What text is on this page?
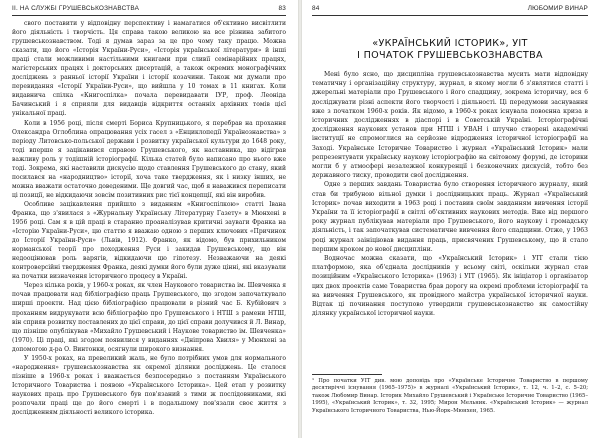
II. НА СЛУЖБІ ГРУШЕВСЬКОЗНАВСТВА	83

свого поставити у відповідну перспективу і намагатися об'єктивно висвітлити його діяльність і творчість. Ця справа такою великою на все різнина забитого грушевськознавством. Тоді я думав зараз за це про чому таку працю. Можна сказати, що його «Історія України-Руси», «Історія української літератури» й інші праці стали можливими настільними книгами при сливії семінарійних працях, магістерських працях і докторських дисертацій, а також окремих монографічних досліджень з ранньої історії України і історії козачини. Також ми думали про перевидання «Історії України-Руси», що вийшла у 10 томах в 11 книгах. Коли видавнича спілка «Книгоспілка» почала перевидавати ІУР, проф. Леоніда Бачинський і я сприяли для видавців відкриття останніх архівних томів цієї унікальної праці.

Коли в 1956 році, після смерті Бориса Крупницького, я перебрав на прохання Олександра Оглоблина опрацювання усіх гасел з «Енциклопедії Українознавства» з періоду Литовсько-польської держави і розвитку української культури до 1648 року, тоді вперше я зацікавився справою Грушевського, як наставника, що відіграв важливу роль у тодішній історіографії. Кілька статей було написано про нього вже тоді. Зокрема, які наставили дискусію щодо ставлення Грушевського до стану, який посилався на «народництво» історії, хоча таке твердження, як і низку інших, не можна вважати остаточно доведеними. Ще довгий час, щоб я наважився переписати ці позиції, не відкидаючи зовсім позитивних рис тієї концепції, які він виробив.

Особливе зацікавлення прийшло з виданням «Книгоспілкою» статті Івана Франка, що з'явилася з «Журнальну Українську Літературну Газету» в Мюнхені в 1956 році. Сам я в цій праці в старанно проаналізував критичні зауваги Франка на «Історію України-Руси», цю статтю я вважаю одною з перших ключових «Причинок до Історії України-Руси» (Львів, 1912). Франко, як відомо, був прихильником норманської теорії про походження Руси і закидав Грушевському, що він недооцінював роль варягів, відкидаючи цю гіпотезу. Незважаючи на деякі контроверсійні твердження Франка, деякі думки його були дуже цінні, які вказували на початки визначення історичного процесу в Україні.

Через кілька років, у 1960-х роках, як член Наукового товариства ім. Шевченка я почав працювати над бібліографією праць Грушевського, що згодом започаткувало ширші проекти. Над цією бібліографією працювали в різний час Б. Кубійович з проханням видрукувати всю бібліографію про Грушевського і НТШ з рамени НТШ, він сприяв розвитку поставлених до цієї справи, до цієї справи долучився й Л. Винар, що пізніше опублікував «Михайло Грушевський і Наукове товариство ім. Шевченка» (1970). Ці праці, які згодом появилися у виданнях «Дніпрова Хвиля» у Мюнхені за допомогою д-ра О. Винтонки, осягнули широкого визнання.

У 1950-х роках, на превеликий жаль, не було потрібних умов для нормального «народження» грушевськознавства як окремої ділянки досліджень. Це сталося пізніше в 1960-х роках і вважається безпосередньо з постанням Українського Історичного Товариства і появою «Українського Історика». Цей етап у розвитку наукових праць про Грушевського був пов'язаний з тими ж послідовниками, які розпочали праці ще до його смерті і в подальшому пов'язали своє життя з дослідженням діяльності великого історика.

84	ЛЮБОМИР ВИНАР
«УКРАЇНСЬКИЙ ІСТОРИК», УІТ
І ПОЧАТОК ГРУШЕВСЬКОЗНАВСТВА

Мені було ясно, що дисципліна грушевськознавства мусить мати відповідну тематичну і організаційну структуру, журнал, в якому могли б з'являтися статті і джерельні матеріали про Грушевського і його спадщину, зокрема історичну, вся 6 досліджувати різні аспекти його творчості і діяльності. Ці передумови заснування вже з початком 1960-х років. Як відомо, в 1960-х роках існувала повоєнна криза в історичних дослідженнях в діаспорі і в Советській Україні. Історіографічні дослідження наукових установ при НТШ і УВАН і штучно створені академічні інституції не спромоглися на серйозне відродження історичної історіографії на Заході. Українське Історичне Товариство і журнал «Український Історик» мали репрезентувати українську наукову історіографію на світовому форумі, де історики могли б у атмосфері незалежної конкуренції і безконечних дискусій, тобто без державного тиску, проводити свої дослідження.

Одне з перших завдань Товариства було створення історичного журналу, який став би трибуною вільної думки і дослідницьких праць. Журнал «Український Історик» почав виходити в 1963 році і поставив своїм завданням вивчення історії України та її історіографії в світлі об'єктивних наукових методів. Вже від першого року журнал публікував матеріали про Грушевського, його наукову і громадську діяльність, і так започаткував систематичне вивчення його спадщини. Отже, у 1963 році журнал заініціював видання праць, присвячених Грушевському, що й стало першим кроком до нової дисципліни.

Водночас можна сказати, що «Український Історик» і УІТ стали тією платформою, яка об'єднала дослідників у всьому світі, оскільки журнал став позиційним «Українського Історика» (1963) і УІТ (1965). Як ініціатор і організатор цих двох проектів саме Товариства брав дорогу на окремі проблеми історіографії та на вивчення Грушевського, як провідного майстра української історичної науки. Відтак ці починання поступово утвердили грушевськознавство як самостійну ділянку української історичної науки.

¹ Про початки УІТ див. мою доповідь про «Українське Історичне Товариство в першому десятиріччі існування (1965–1975)» в журналі «Український Історик», т. 12, ч. 1–2, с. 5–20; також Любомир Винар. Історик Михайло Грушевський і Українське Історичне Товариство (1965–1995), «Український Історик», т. 32, 1995; Мирон Мельник. «Український Історик» — журнал Українського Історичного Товариства, Нью-Йорк–Мюнхен, 1965.
